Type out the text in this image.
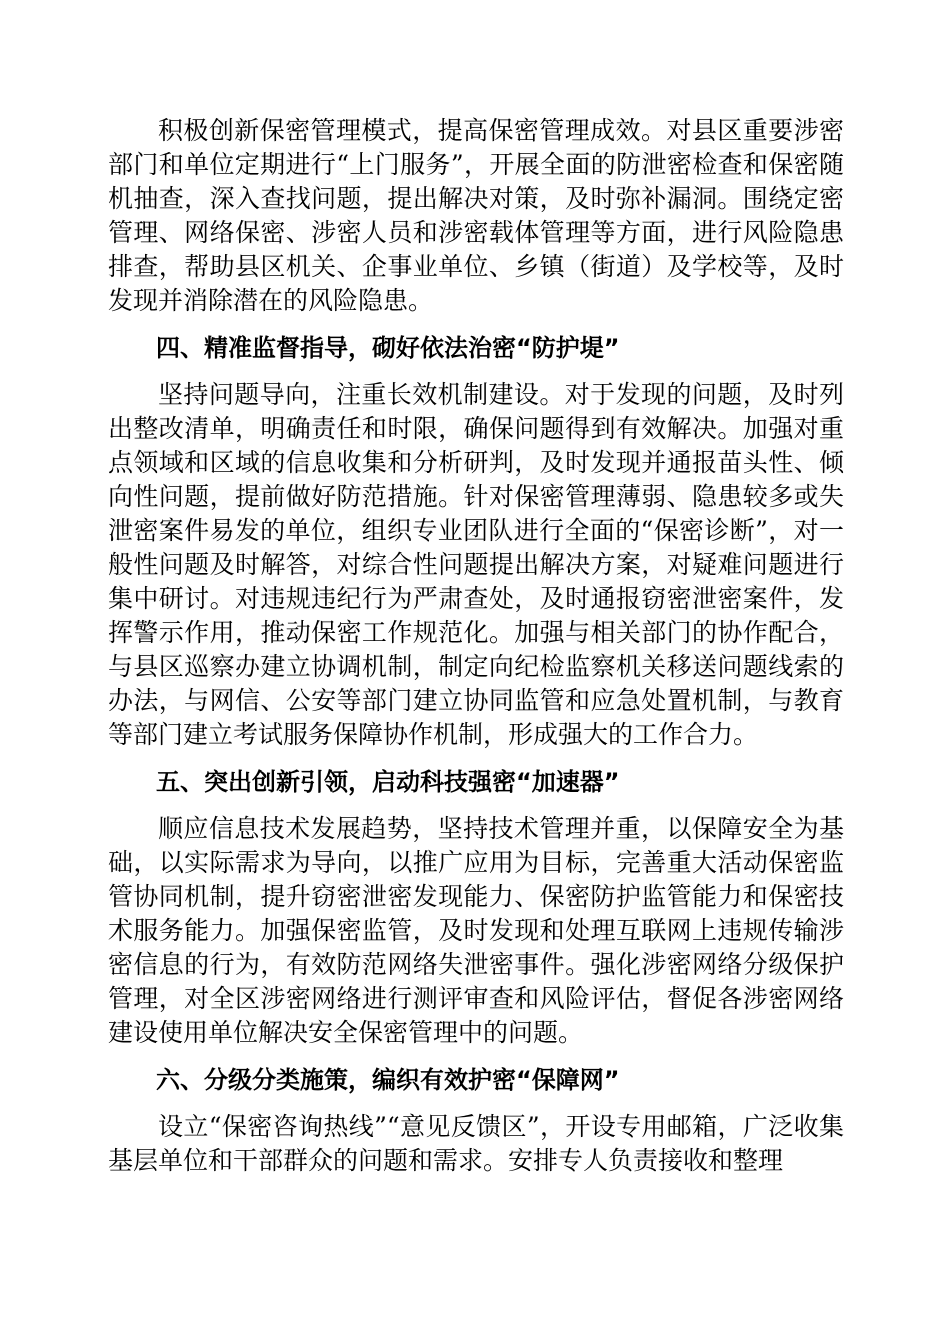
积极创新保密管理模式，提高保密管理成效。对县区重要涉密部门和单位定期进行“上门服务”，开展全面的防泄密检查和保密随机抽查，深入查找问题，提出解决对策，及时弥补漏洞。围绕定密管理、网络保密、涉密人员和涉密载体管理等方面，进行风险隐患排查，帮助县区机关、企事业单位、乡镇（街道）及学校等，及时发现并消除潜在的风险隐患。

四、精准监督指导，砌好依法治密“防护堤”

坚持问题导向，注重长效机制建设。对于发现的问题，及时列出整改清单，明确责任和时限，确保问题得到有效解决。加强对重点领域和区域的信息收集和分析研判，及时发现并通报苗头性、倾向性问题，提前做好防范措施。针对保密管理薄弱、隐患较多或失泄密案件易发的单位，组织专业团队进行全面的“保密诊断”，对一般性问题及时解答，对综合性问题提出解决方案，对疑难问题进行集中研讨。对违规违纪行为严肃查处，及时通报窃密泄密案件，发挥警示作用，推动保密工作规范化。加强与相关部门的协作配合，与县区巡察办建立协调机制，制定向纪检监察机关移送问题线索的办法，与网信、公安等部门建立协同监管和应急处置机制，与教育等部门建立考试服务保障协作机制，形成强大的工作合力。

五、突出创新引领，启动科技强密“加速器”

顺应信息技术发展趋势，坚持技术管理并重，以保障安全为基础，以实际需求为导向，以推广应用为目标，完善重大活动保密监管协同机制，提升窃密泄密发现能力、保密防护监管能力和保密技术服务能力。加强保密监管，及时发现和处理互联网上违规传输涉密信息的行为，有效防范网络失泄密事件。强化涉密网络分级保护管理，对全区涉密网络进行测评审查和风险评估，督促各涉密网络建设使用单位解决安全保密管理中的问题。

六、分级分类施策，编织有效护密“保障网”

设立“保密咨询热线”“意见反馈区”，开设专用邮箱，广泛收集基层单位和干部群众的问题和需求。安排专人负责接收和整理
